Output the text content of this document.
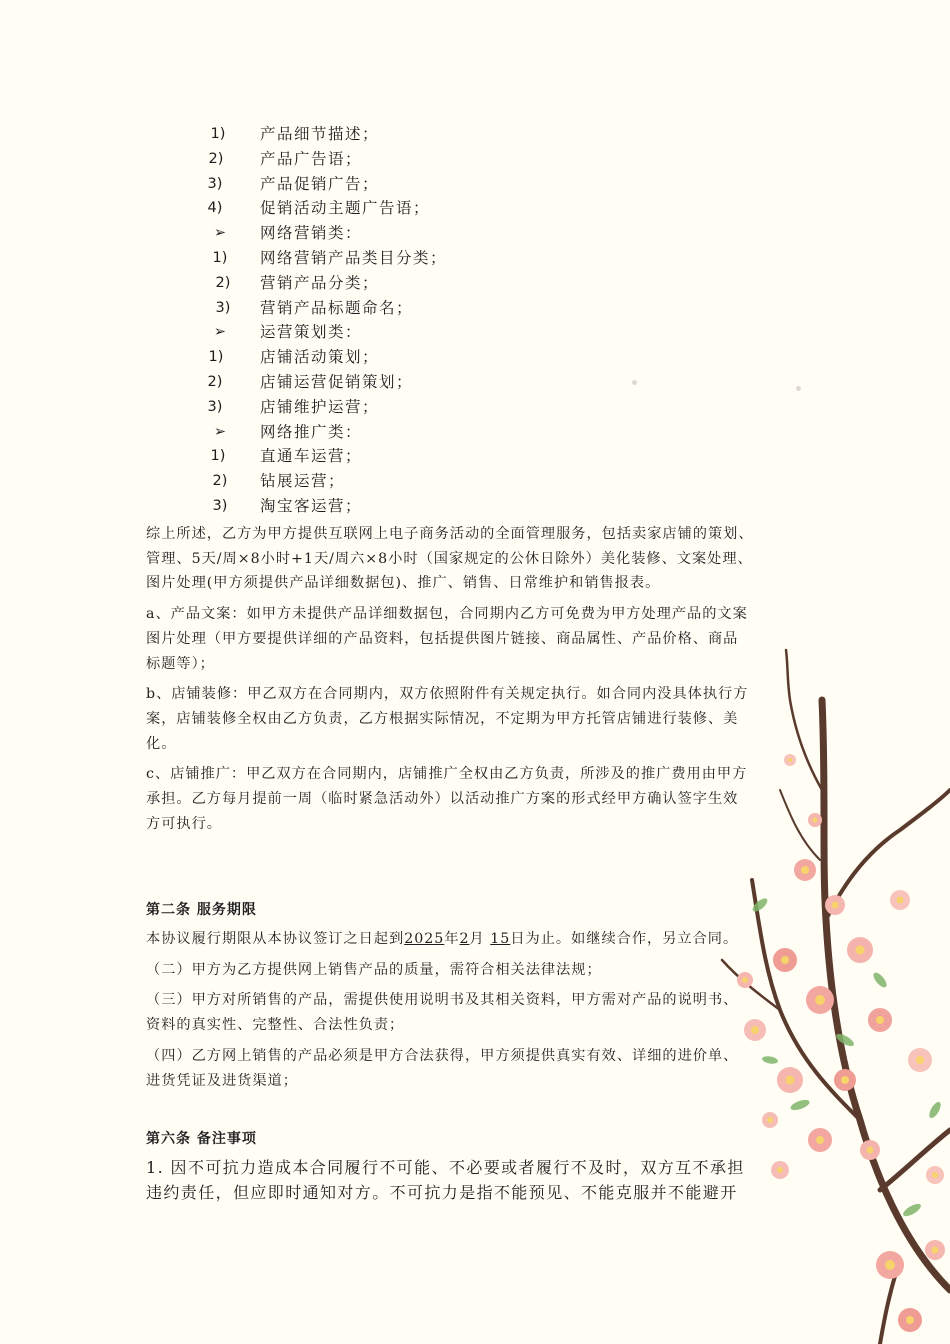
1)	产品细节描述；
2)	产品广告语；
3)	产品促销广告；
4)	促销活动主题广告语；
➢	网络营销类：
1)	网络营销产品类目分类；
2)	营销产品分类；
3)	营销产品标题命名；
➢	运营策划类：
1)	店铺活动策划；
2)	店铺运营促销策划；
3)	店铺维护运营；
➢	网络推广类：
1)	直通车运营；
2)	钻展运营；
3)	淘宝客运营；

综上所述，乙方为甲方提供互联网上电子商务活动的全面管理服务，包括卖家店铺的策划、

管理、5天/周×8小时+1天/周六×8小时（国家规定的公休日除外）美化装修、文案处理、

图片处理(甲方须提供产品详细数据包)、推广、销售、日常维护和销售报表。

a、产品文案：如甲方未提供产品详细数据包，合同期内乙方可免费为甲方处理产品的文案

图片处理（甲方要提供详细的产品资料，包括提供图片链接、商品属性、产品价格、商品

标题等）；

b、店铺装修：甲乙双方在合同期内，双方依照附件有关规定执行。如合同内没具体执行方

案，店铺装修全权由乙方负责，乙方根据实际情况，不定期为甲方托管店铺进行装修、美

化。

c、店铺推广：甲乙双方在合同期内，店铺推广全权由乙方负责，所涉及的推广费用由甲方

承担。乙方每月提前一周（临时紧急活动外）以活动推广方案的形式经甲方确认签字生效

方可执行。

第二条 服务期限

本协议履行期限从本协议签订之日起到2025年2月 15日为止。如继续合作，另立合同。

（二）甲方为乙方提供网上销售产品的质量，需符合相关法律法规；

（三）甲方对所销售的产品，需提供使用说明书及其相关资料，甲方需对产品的说明书、

资料的真实性、完整性、合法性负责；

（四）乙方网上销售的产品必须是甲方合法获得，甲方须提供真实有效、详细的进价单、

进货凭证及进货渠道；

第六条 备注事项

1. 因不可抗力造成本合同履行不可能、不必要或者履行不及时，双方互不承担

违约责任，但应即时通知对方。不可抗力是指不能预见、不能克服并不能避开
